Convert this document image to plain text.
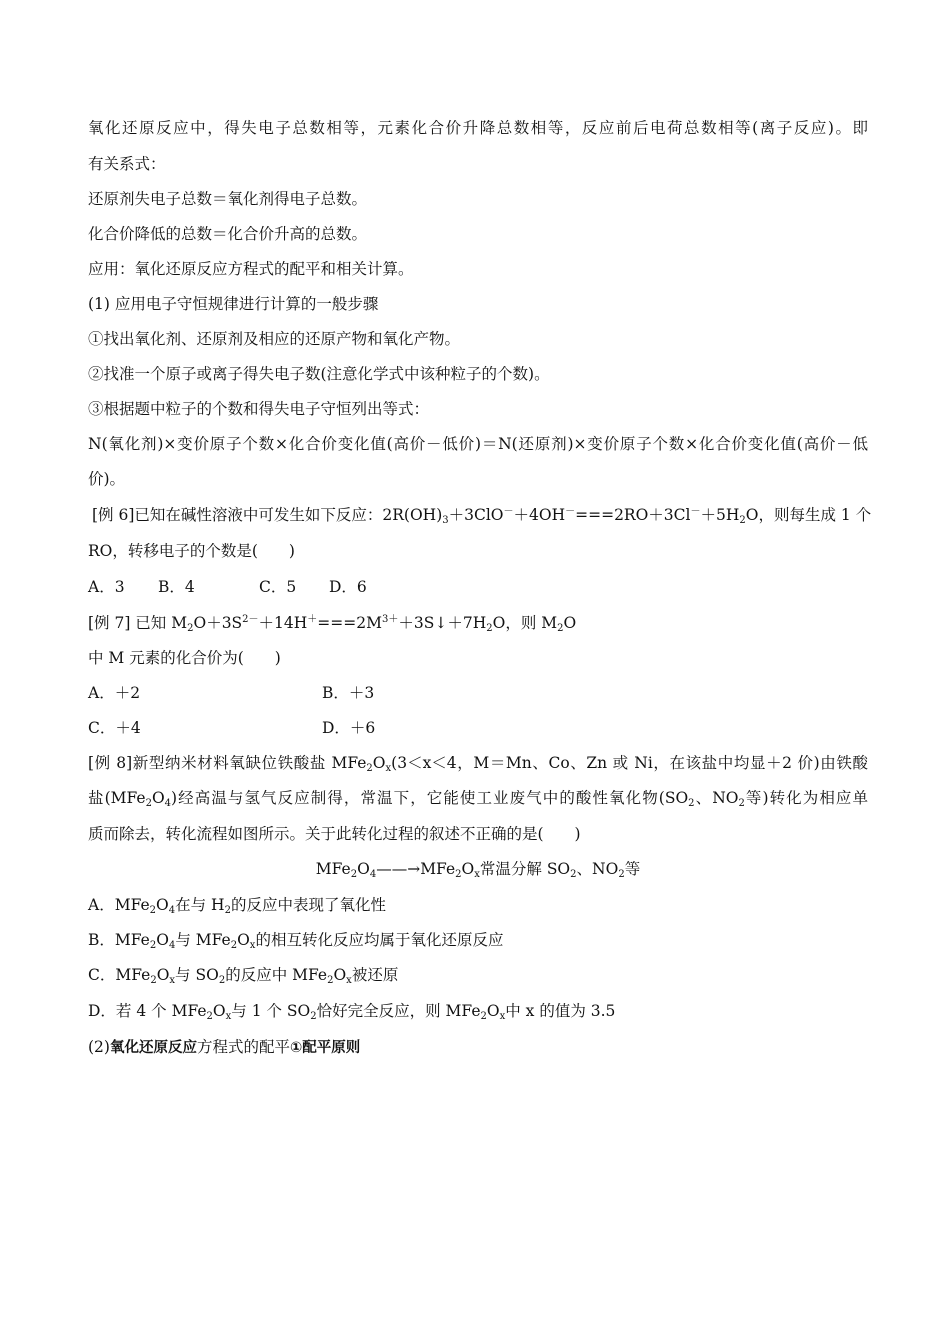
氧化还原反应中，得失电子总数相等，元素化合价升降总数相等，反应前后电荷总数相等(离子反应)。即
有关系式：
还原剂失电子总数＝氧化剂得电子总数。
化合价降低的总数＝化合价升高的总数。
应用：氧化还原反应方程式的配平和相关计算。
(1) 应用电子守恒规律进行计算的一般步骤
①找出氧化剂、还原剂及相应的还原产物和氧化产物。
②找准一个原子或离子得失电子数(注意化学式中该种粒子的个数)。
③根据题中粒子的个数和得失电子守恒列出等式：
N(氧化剂)×变价原子个数×化合价变化值(高价－低价)＝N(还原剂)×变价原子个数×化合价变化值(高价－低
价)。
[例 6]已知在碱性溶液中可发生如下反应：$2R(OH)_3+3ClO^-+4OH^-===2RO+3Cl^-+5H_2O$，则每生成 1 个
RO，转移电子的个数是(　　)
A．3 B．4	C．5 D．6
[例 7] 已知 $M_2O+3S^{2-}+14H^+===2M^{3+}+3S↓+7H_2O$，则 $M_2O$
中 M 元素的化合价为(　　)
A．＋2	B．＋3
C．＋4	D．＋6
[例 8]新型纳米材料氧缺位铁酸盐 $MFe_2O_x(3<x<4$，M＝Mn、Co、Zn 或 Ni，在该盐中均显＋2 价)由铁酸
盐$(MFe_2O_4)$经高温与氢气反应制得，常温下，它能使工业废气中的酸性氧化物($SO_2$、$NO_2$等)转化为相应单
质而除去，转化流程如图所示。关于此转化过程的叙述不正确的是(　　)
$MFe_2O_4——\to MFe_2O_x$常温分解 $SO_2$、$NO_2$等
A．$MFe_2O_4$在与 $H_2$的反应中表现了氧化性
B．$MFe_2O_4$与 $MFe_2O_x$的相互转化反应均属于氧化还原反应
C．$MFe_2O_x$与 $SO_2$的反应中 $MFe_2O_x$被还原
D．若 4 个 $MFe_2O_x$与 1 个 $SO_2$恰好完全反应，则 $MFe_2O_x$中 x 的值为 3.5
(2)氧化还原反应方程式的配平①配平原则
